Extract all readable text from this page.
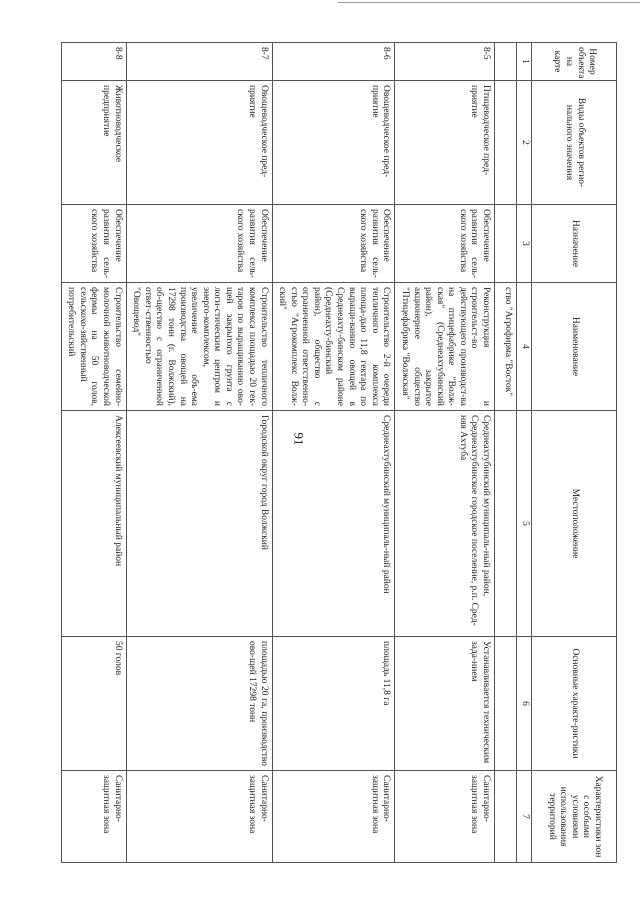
91
Номер объекта на карте	Виды объектов регио-нального значения	Назначение	Наименование	Местоположение	Основные характе-ристики	Характеристики зон с особыми условиями использования территорий
1	2	3	4	5	6	7
			ство "Агрофирма "Восток"			
8-5	Птицеводческое пред-приятие	Обеспечение развития сель-ского хозяйства	Реконструкция и строительст-во действующего производст-ва на птицефабрике "Волж-ская" (Среднеахтубинский район), закрытое акционерное общество "Птицефабрика "Волжская"	Среднеахтубинский муниципаль-ный район, Среднеахтубинское городское поселение, р.п. Сред-няя Ахтуба	Устанавливается техническим зада-нием	Санитарно-защитная зона
8-6	Овощеводческое пред-приятие	Обеспечение развития сель-ского хозяйства	Строительство 2-й очереди тепличного комплекса площа-дью 11,8 гектара по выращи-ванию овощей в Среднеахту-бинском районе (Среднеахту-бинский район), общество с ограниченной ответственно-стью "Агрокомплекс Волж-ский"	Среднеахтубинский муниципаль-ный район	площадь 11,8 га	Санитарно-защитная зона
8-7	Овощеводческое пред-приятие	Обеспечение развития сель-ского хозяйства	Строительство тепличного комплекса площадью 20 гек-таров по выращиванию ово-щей закрытого грунта с логи-стическим центром и энерго-комплексом, увеличение объ-ема производства овощей на 17298 тонн (г. Волжский), об-щество с ограниченной ответ-ственностью "Овощевод"	Городской округ город Волжский	площадью 20 га, производство ово-щей 17298 тонн	Санитарно-защитная зона
8-8	Животноводческое предприятие	Обеспечение развития сель-ского хозяйства	Строительство семейно-молочной животноводческой фермы на 50 голов, сельскохо-зяйственный потребительский	Алексеевский муниципальный район	50 голов	Санитарно-защитная зона
